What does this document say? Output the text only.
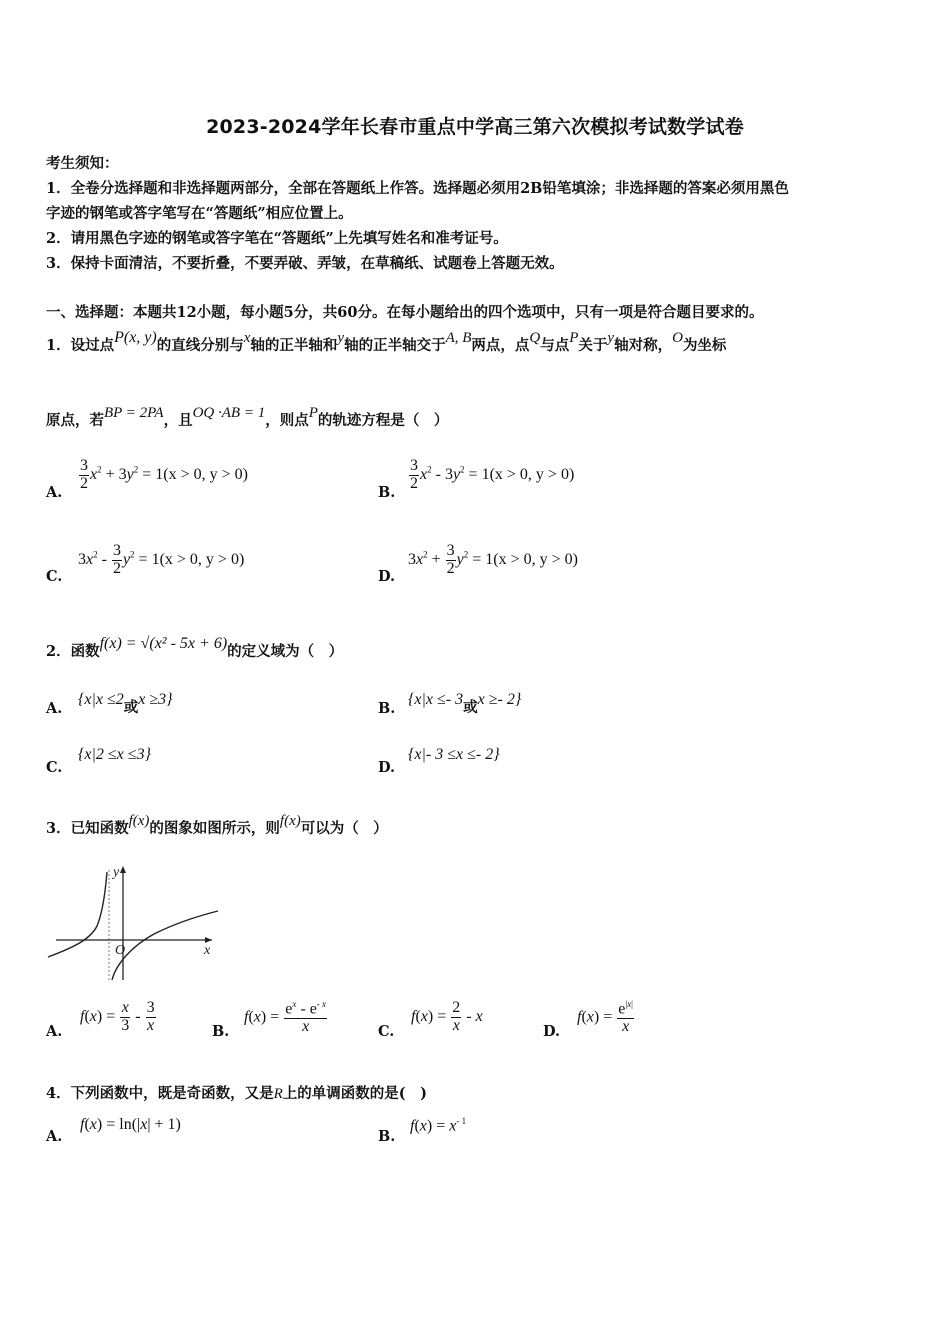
2023-2024学年长春市重点中学高三第六次模拟考试数学试卷
考生须知：
1．全卷分选择题和非选择题两部分，全部在答题纸上作答。选择题必须用2B铅笔填涂；非选择题的答案必须用黑色
字迹的钢笔或答字笔写在“答题纸”相应位置上。
2．请用黑色字迹的钢笔或答字笔在“答题纸”上先填写姓名和准考证号。
3．保持卡面清洁，不要折叠，不要弄破、弄皱，在草稿纸、试题卷上答题无效。
一、选择题：本题共12小题，每小题5分，共60分。在每小题给出的四个选项中，只有一项是符合题目要求的。
1．设过点P(x, y)的直线分别与x轴的正半轴和y轴的正半轴交于A, B两点，点Q与点P关于y轴对称，O为坐标
原点，若BP = 2PA，且OQ ·AB = 1，则点P的轨迹方程是（　）
A. $\frac{3}{2} x^2 + 3y^2 = 1(x > 0$, y > 0)
B. $\frac{3}{2} x^2 - 3y^2 = 1(x > 0$, y > 0)
C.
$3x^2 - \frac{3}{2} y^2 = 1(x > 0$, y > 0)
D.
$3x^2 + \frac{3}{2} y^2 = 1(x > 0$, y > 0)
2．函数f(x) = √(x² - 5x + 6)的定义域为（　）
A.
{x|x ≤2或x ≥3}
B.
{x|x ≤- 3或x ≥- 2}
C.
{x|2 ≤x ≤3}
D.
{x|- 3 ≤x ≤- 2}
3．已知函数f(x)的图象如图所示，则f(x)可以为（　）
O	x
y
A.
$f(x) = \frac{x}{3} - \frac{3}{x}$	B.
$f(x) = \frac{e^x - e^{- x}}{x}$	C.
$f(x) = \frac{2}{x} - x$
D.
$f(x) = \frac{e^{|x|}}{x}$
4．下列函数中，既是奇函数，又是R上的单调函数的是(　)
A.
f(x) = ln(|x| + 1)
B.
$f(x) = x^{- 1}$
